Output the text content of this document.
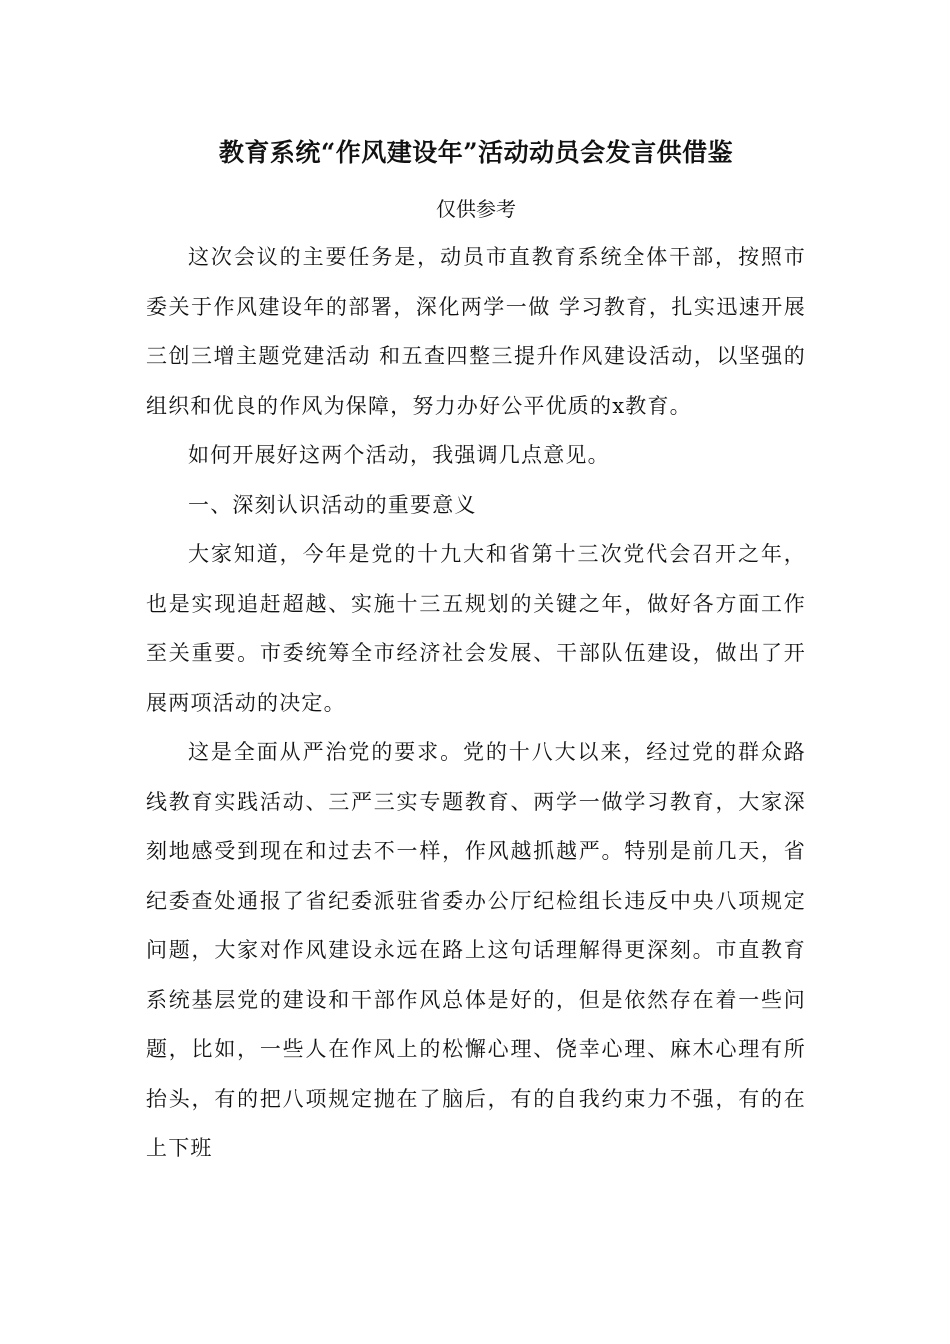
教育系统“作风建设年”活动动员会发言供借鉴
仅供参考

这次会议的主要任务是，动员市直教育系统全体干部，按照市委关于作风建设年的部署，深化两学一做 学习教育，扎实迅速开展三创三增主题党建活动 和五查四整三提升作风建设活动，以坚强的组织和优良的作风为保障，努力办好公平优质的x教育。

如何开展好这两个活动，我强调几点意见。

一、深刻认识活动的重要意义

大家知道，今年是党的十九大和省第十三次党代会召开之年，也是实现追赶超越、实施十三五规划的关键之年，做好各方面工作至关重要。市委统筹全市经济社会发展、干部队伍建设，做出了开展两项活动的决定。

这是全面从严治党的要求。党的十八大以来，经过党的群众路线教育实践活动、三严三实专题教育、两学一做学习教育，大家深刻地感受到现在和过去不一样，作风越抓越严。特别是前几天，省纪委查处通报了省纪委派驻省委办公厅纪检组长违反中央八项规定问题，大家对作风建设永远在路上这句话理解得更深刻。市直教育系统基层党的建设和干部作风总体是好的，但是依然存在着一些问题，比如，一些人在作风上的松懈心理、侥幸心理、麻木心理有所抬头，有的把八项规定抛在了脑后，有的自我约束力不强，有的在上下班
